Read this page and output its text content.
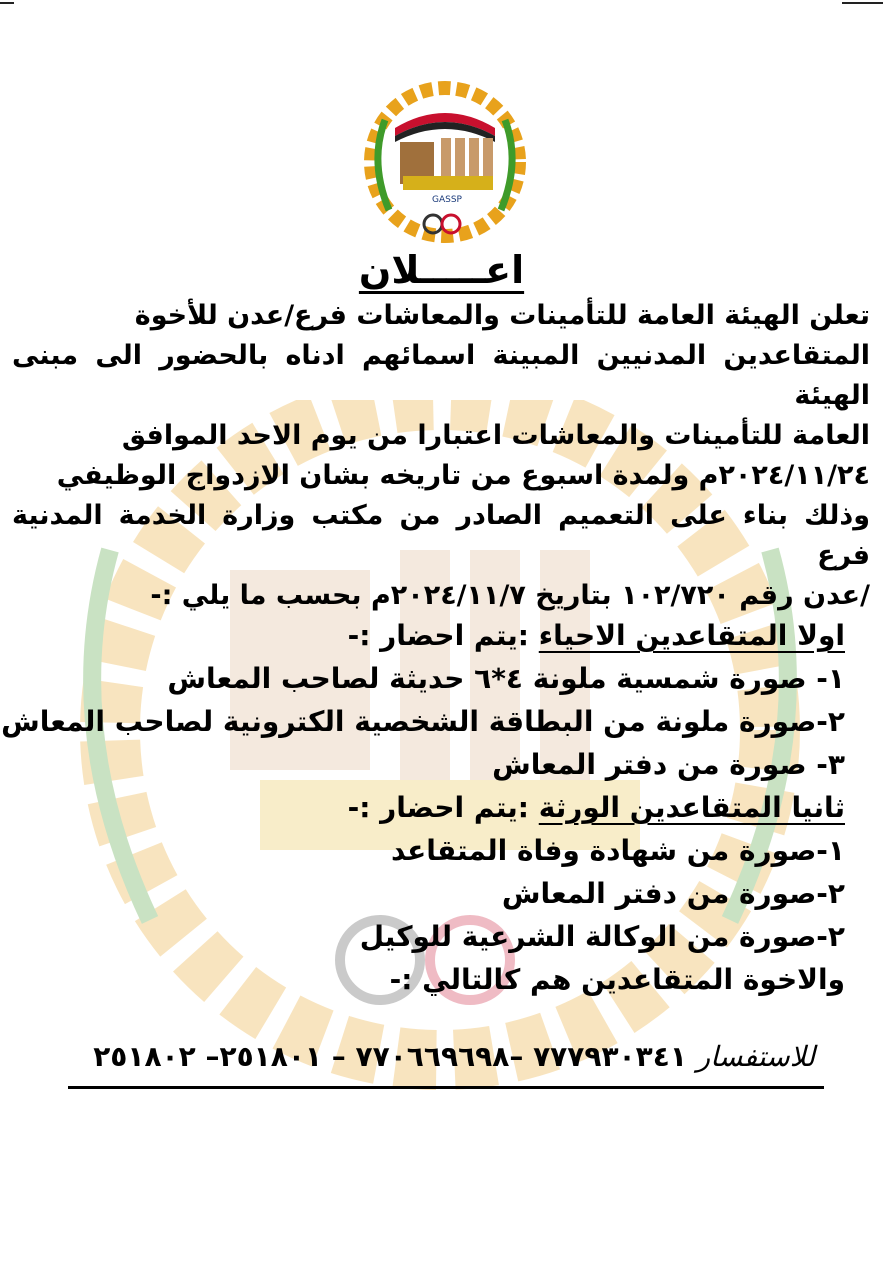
GASSP
اعـــــلان
تعلن الهيئة العامة للتأمينات والمعاشات فرع/عدن للأخوة
المتقاعدين المدنيين المبينة اسمائهم ادناه بالحضور الى مبنى الهيئة
العامة للتأمينات والمعاشات اعتبارا من يوم الاحد الموافق
٢٠٢٤/١١/٢٤م ولمدة اسبوع من تاريخه بشان الازدواج الوظيفي
وذلك بناء على التعميم الصادر من مكتب وزارة الخدمة المدنية فرع
/عدن رقم ١٠٢/٧٢٠ بتاريخ ٢٠٢٤/١١/٧م بحسب ما يلي :-
اولا المتقاعدين الاحياء :يتم احضار :-
١- صورة شمسية ملونة ٤*٦ حديثة لصاحب المعاش
٢-صورة ملونة من البطاقة الشخصية الكترونية لصاحب المعاش
٣- صورة من دفتر المعاش
ثانيا المتقاعدين الورثة :يتم احضار :-
١-صورة من شهادة وفاة المتقاعد
٢-صورة من دفتر المعاش
٢-صورة من الوكالة الشرعية للوكيل
والاخوة المتقاعدين هم كالتالي :-
للاستفسار ٧٧٧٩٣٠٣٤١ –٧٧٠٦٦٩٦٩٨ – ٢٥١٨٠١– ٢٥١٨٠٢
